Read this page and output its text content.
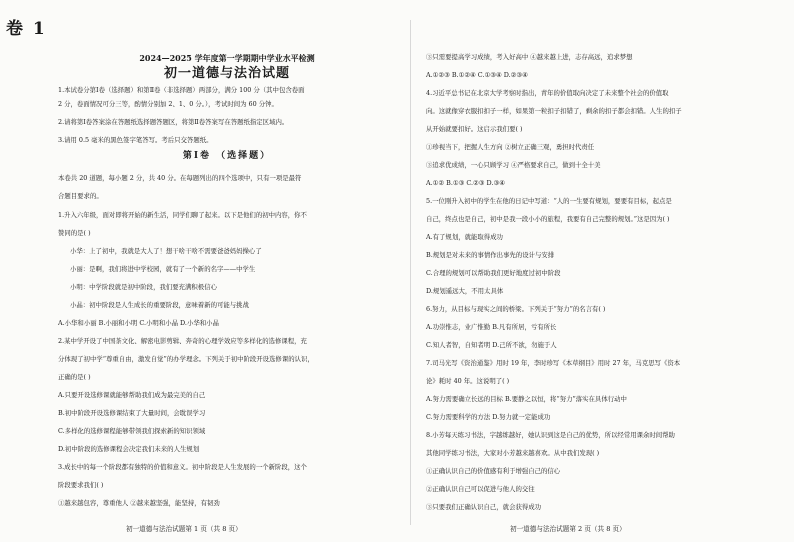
卷 1
2024—2025 学年度第一学期期中学业水平检测
初一道德与法治试题
1.本试卷分第Ⅰ卷（选择题）和第Ⅱ卷（非选择题）两部分，满分 100 分（其中包含卷面
2 分，卷面情况可分三等，酌情分别加 2、1、0 分。），考试时间为 60 分钟。
2.请将第Ⅰ卷答案涂在答题纸选择题答题区，将第Ⅱ卷答案写在答题纸指定区域内。
3.请用 0.5 毫米的黑色签字笔答写。考后只交答题纸。
第Ⅰ卷 （选择题）
本卷共 20 道题，每小题 2 分，共 40 分。在每题列出的四个选项中，只有一项是最符
合题目要求的。
1.升入六年级，面对即将开始的新生活，同学们聊了起来。以下是他们的初中内容，你不
赞同的是( )
小华：上了初中，我就是大人了！想干啥干啥不需要爸爸妈妈操心了
小丽：是啊，我们将进中学校园，就有了一个新的名字——中学生
小明：中学阶段就是初中阶段，我们要充满积极信心
小晶：初中阶段是人生成长的重要阶段，意味着新的可能与挑战
A.小华和小丽 B.小丽和小明 C.小明和小晶 D.小华和小晶
2.某中学开设了中国茶文化、解密电影剪辑、奔奇的心理学效应等多样化的选修课程，充
分体现了初中学“尊重自由，激发自觉”的办学理念。下列关于初中阶段开设选修课的认识，
正确的是( )
A.只要开设选修课就能够帮助我们成为最完美的自己
B.初中阶段开设选修课结束了大量时间，会耽误学习
C.多样化的选修课程能够带领我们探索新的知识领域
D.初中阶段的选修课程会决定我们未来的人生规划
3.成长中的每一个阶段都有独特的价值和意义。初中阶段是人生发展的一个新阶段，这个
阶段要求我们( )
①越来越包容，尊重他人 ②越来越坚强，能坚持，有韧劲
初一道德与法治试题第 1 页（共 8 页）
③只需要提高学习成绩，考入好高中 ④越来越上进，志存高远，追求梦想
A.①②③ B.①②④ C.①③④ D.②③④
4.习近平总书记在北京大学考察时指出，青年的价值取向决定了未来整个社会的价值取
向。这就像穿衣服扣扣子一样，如果第一粒扣子扣错了，剩余的扣子都会扣错。人生的扣子
从开始就要扣好。这启示我们要( )
①珍视当下，把握人生方向 ②树立正确三观，勇担时代责任
③追求优成绩，一心只顾学习 ④严格要求自己，做到十全十美
A.①② B.①③ C.②③ D.③④
5.一位刚升入初中的学生在他的日记中写道：“人的一生要有规划，要要有目标，起点是
自己，终点也是自己，初中是我一段小小的旅程，我要有自己完整的规划。”这是因为( )
A.有了规划，就能取得成功
B.规划是对未来的事情作出事先的设计与安排
C.合理的规划可以帮助我们更好地度过初中阶段
D.规划遥远大，不用太具体
6.努力，从目标与现实之间的桥梁。下列关于“努力”的名言有( )
A.功崇惟志，业广惟勤 B.凡有所居，亏有所长
C.知人者智，自知者明 D.己所不欲，勿施于人
7.司马光写《资治通鉴》用时 19 年，李时珍写《本草纲目》用时 27 年，马克思写《资本
论》耗时 40 年。这说明了( )
A.努力需要确立长远的目标 B.要静之以恒，将“努力”落实在具体行动中
C.努力需要科学的方法 D.努力就一定能成功
8.小芳每天练习书法，字越练越好，她认识到这是自己的优势，所以经常用课余时间帮助
其他同学练习书法，大家对小芳越来越喜欢。从中我们发现( )
①正确认识自己的价值感有利于增强自己的信心
②正确认识自己可以促进与他人的交往
③只要我们正确认识自己，就会获得成功
初一道德与法治试题第 2 页（共 8 页）
